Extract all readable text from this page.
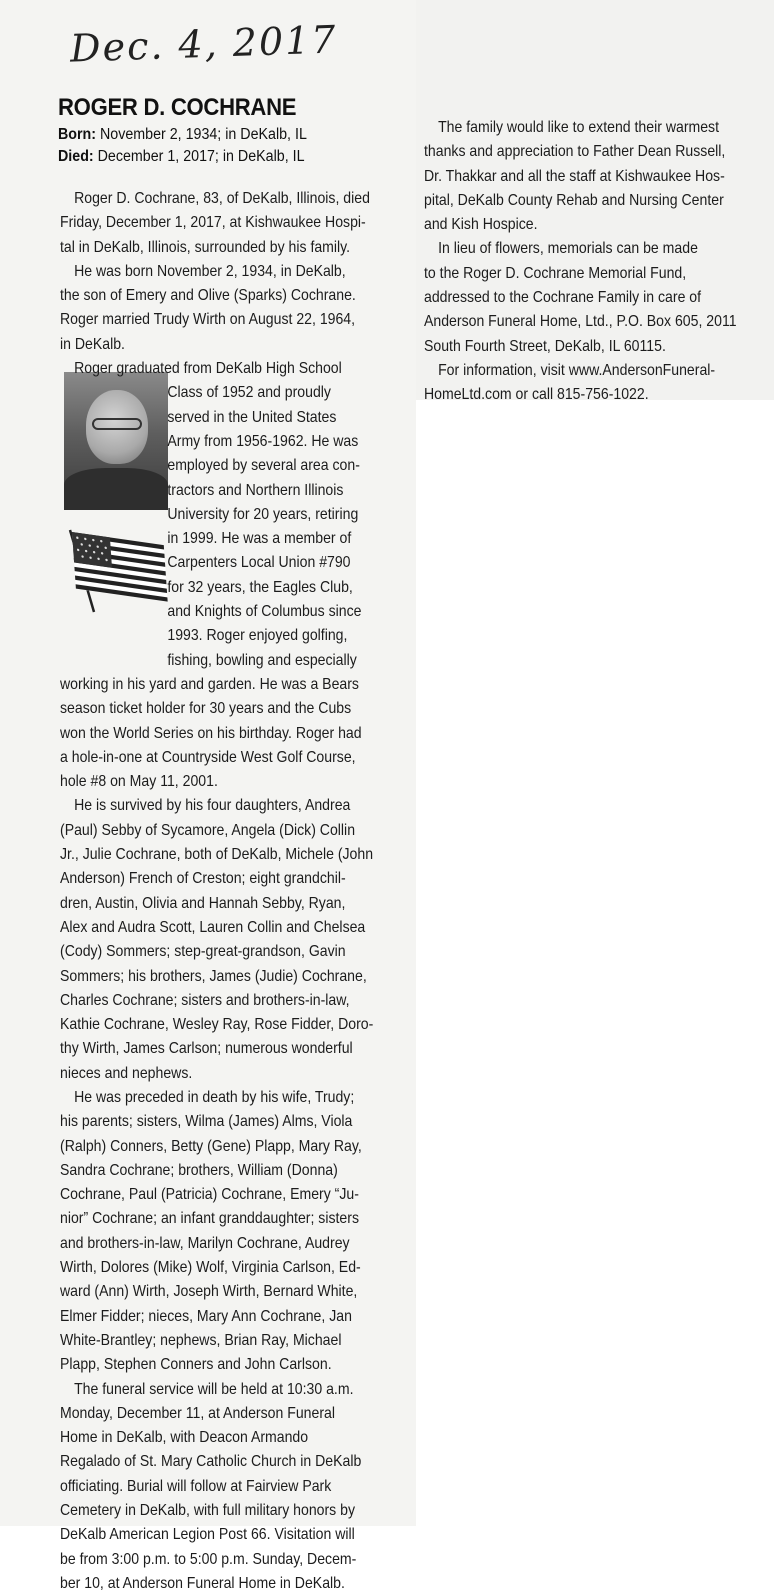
Dec. 4, 2017
ROGER D. COCHRANE
Born: November 2, 1934; in DeKalb, IL
Died: December 1, 2017; in DeKalb, IL
Roger D. Cochrane, 83, of DeKalb, Illinois, died
Friday, December 1, 2017, at Kishwaukee Hospi-
tal in DeKalb, Illinois, surrounded by his family.
He was born November 2, 1934, in DeKalb,
the son of Emery and Olive (Sparks) Cochrane.
Roger married Trudy Wirth on August 22, 1964,
in DeKalb.
Roger graduated from DeKalb High School
Class of 1952 and proudly
served in the United States
Army from 1956-1962. He was
employed by several area con-
tractors and Northern Illinois
University for 20 years, retiring
in 1999. He was a member of
Carpenters Local Union #790
for 32 years, the Eagles Club,
and Knights of Columbus since
1993. Roger enjoyed golfing,
fishing, bowling and especially
working in his yard and garden. He was a Bears
season ticket holder for 30 years and the Cubs
won the World Series on his birthday. Roger had
a hole-in-one at Countryside West Golf Course,
hole #8 on May 11, 2001.
He is survived by his four daughters, Andrea
(Paul) Sebby of Sycamore, Angela (Dick) Collin
Jr., Julie Cochrane, both of DeKalb, Michele (John
Anderson) French of Creston; eight grandchil-
dren, Austin, Olivia and Hannah Sebby, Ryan,
Alex and Audra Scott, Lauren Collin and Chelsea
(Cody) Sommers; step-great-grandson, Gavin
Sommers; his brothers, James (Judie) Cochrane,
Charles Cochrane; sisters and brothers-in-law,
Kathie Cochrane, Wesley Ray, Rose Fidder, Doro-
thy Wirth, James Carlson; numerous wonderful
nieces and nephews.
He was preceded in death by his wife, Trudy;
his parents; sisters, Wilma (James) Alms, Viola
(Ralph) Conners, Betty (Gene) Plapp, Mary Ray,
Sandra Cochrane; brothers, William (Donna)
Cochrane, Paul (Patricia) Cochrane, Emery “Ju-
nior” Cochrane; an infant granddaughter; sisters
and brothers-in-law, Marilyn Cochrane, Audrey
Wirth, Dolores (Mike) Wolf, Virginia Carlson, Ed-
ward (Ann) Wirth, Joseph Wirth, Bernard White,
Elmer Fidder; nieces, Mary Ann Cochrane, Jan
White-Brantley; nephews, Brian Ray, Michael
Plapp, Stephen Conners and John Carlson.
The funeral service will be held at 10:30 a.m.
Monday, December 11, at Anderson Funeral
Home in DeKalb, with Deacon Armando
Regalado of St. Mary Catholic Church in DeKalb
officiating. Burial will follow at Fairview Park
Cemetery in DeKalb, with full military honors by
DeKalb American Legion Post 66. Visitation will
be from 3:00 p.m. to 5:00 p.m. Sunday, Decem-
ber 10, at Anderson Funeral Home in DeKalb.
The family would like to extend their warmest
thanks and appreciation to Father Dean Russell,
Dr. Thakkar and all the staff at Kishwaukee Hos-
pital, DeKalb County Rehab and Nursing Center
and Kish Hospice.
In lieu of flowers, memorials can be made
to the Roger D. Cochrane Memorial Fund,
addressed to the Cochrane Family in care of
Anderson Funeral Home, Ltd., P.O. Box 605, 2011
South Fourth Street, DeKalb, IL 60115.
For information, visit www.AndersonFuneral-
HomeLtd.com or call 815-756-1022.
